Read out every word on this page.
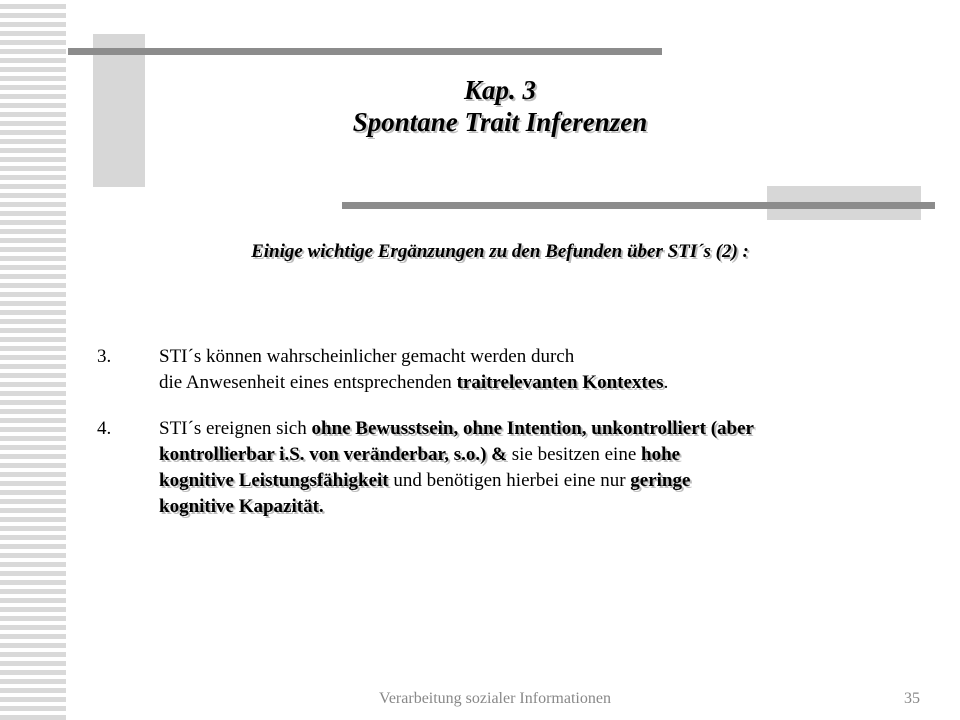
Kap. 3
Spontane Trait Inferenzen
Einige wichtige Ergänzungen zu den Befunden über STI´s (2) :
3.	STI´s können wahrscheinlicher gemacht werden durch
die Anwesenheit eines entsprechenden traitrelevanten Kontextes.
4.	STI´s ereignen sich ohne Bewusstsein, ohne Intention, unkontrolliert (aber
kontrollierbar i.S. von veränderbar, s.o.) & sie besitzen eine hohe
kognitive Leistungsfähigkeit und benötigen hierbei eine nur geringe
kognitive Kapazität.
Verarbeitung sozialer Informationen	35
